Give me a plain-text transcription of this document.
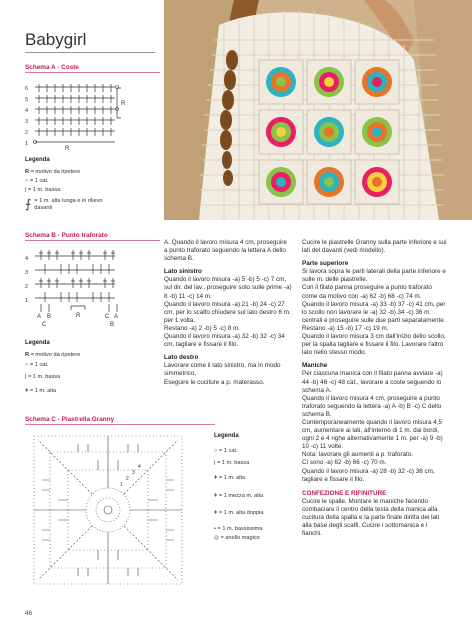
Babygirl
Schema A - Coste
6
5
4
3
2
1
R
R
Legenda
R = motivo da ripetere
○ = 1 cat.
| = 1 m. bassa
⨍ = 1 m. alta lunga e in rilievo davanti
Schema B - Punto traforato
4
3
2
1
A B
C
C A
B
R
Legenda
R = motivo da ripetere
○ = 1 cat.
| = 1 m. bassa
ǂ = 1 m. alta
Schema C - Piastrella Granny
1
2
3
4
Legenda
○ = 1 cat.
| = 1 m. bassa
ǂ = 1 m. alta
ǂ = 1 mezza m. alta
ǂ = 1 m. alta doppia
• = 1 m. bassissima
◎ = anello magico

A. Quando il lavoro misura 4 cm, proseguire a punto traforato seguendo la lettera A dello schema B.

Lato sinistro

Quando il lavoro misura -a) 5 -b) 5 -c) 7 cm, sul dir. del lav., proseguire solo sulle prime -a) 8 -b) 11 -c) 14 m.

Quando il lavoro misura -a) 21 -b) 24 -c) 27 cm, per lo scalfo chiudere sul lato destro 6 m. per 1 volta.

Restano -a) 2 -b) 5 -c) 8 m.

Quando il lavoro misura -a) 32 -b) 32 -c) 34 cm, tagliare e fissare il filo.

Lato destro

Lavorare come il lato sinistro, ma in modo simmetrico.

Eseguire le cuciture a p. materasso.

Cucire le piastrelle Granny sulla parte inferiore e sui lati del davanti (vedi modello).

Parte superiore

Si lavora sopra le parti laterali della parte inferiore e sulle m. delle piastrelle.

Con il filato panna proseguire a punto traforato come da motivo con -a) 62 -b) 68 -c) 74 m.

Quando il lavoro misura -a) 33 -b) 37 -c) 41 cm, per lo scollo non lavorare le -a) 32 -b) 34 -c) 36 m. centrali e proseguire sulle due parti separatamente.

Restano -a) 15 -b) 17 -c) 19 m.

Quando il lavoro misura 3 cm dall'inizio dello scollo, per la spalla tagliare e fissare il filo. Lavorare l'altro lato nello stesso modo.

Maniche

Per ciascuna manica con il filato panna avviare -a) 44 -b) 46 -c) 48 cat., lavorare a coste seguendo lo schema A.

Quando il lavoro misura 4 cm, proseguire a punto traforato seguendo la lettera -a) A -b) B -c) C dello schema B.

Contemporaneamente quando il lavoro misura 4,5 cm, aumentare ai lati, all'interno di 1 m. dai bordi, ogni 2 e 4 righe alternativamente 1 m. per -a) 9 -b) 10 -c) 11 volte.

Nota: lavorare gli aumenti a p. traforato.

Ci sono -a) 62 -b) 66 -c) 70 m.

Quando il lavoro misura -a) 28 -b) 32 -c) 36 cm, tagliare e fissare il filo.

CONFEZIONE E RIFINITURE

Cucire le spalle. Montare le maniche facendo combaciare il centro della testa della manica alla cucitura della spalla e la parte finale diritta dei lati alla base degli scalfi. Cucire i sottomanica e i fianchi.

46
